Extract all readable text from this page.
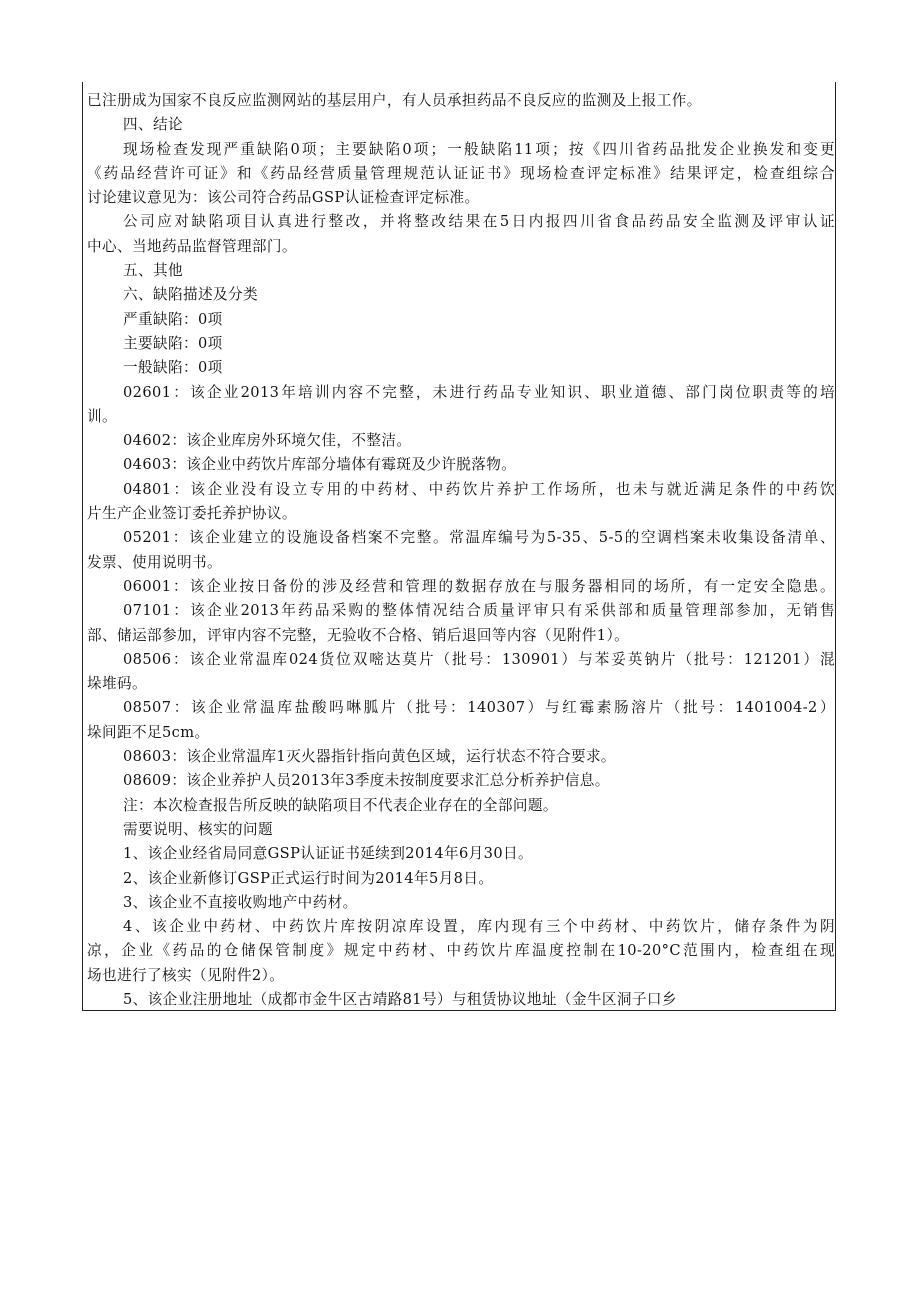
已注册成为国家不良反应监测网站的基层用户，有人员承担药品不良反应的监测及上报工作。

四、结论

现场检查发现严重缺陷0项；主要缺陷0项；一般缺陷11项；按《四川省药品批发企业换发和变更

《药品经营许可证》和《药品经营质量管理规范认证证书》现场检查评定标准》结果评定，检查组综合

讨论建议意见为：该公司符合药品GSP认证检查评定标准。

公司应对缺陷项目认真进行整改，并将整改结果在5日内报四川省食品药品安全监测及评审认证

中心、当地药品监督管理部门。

五、其他

六、缺陷描述及分类

严重缺陷：0项

主要缺陷：0项

一般缺陷：0项

02601：该企业2013年培训内容不完整，未进行药品专业知识、职业道德、部门岗位职责等的培

训。

04602：该企业库房外环境欠佳，不整洁。

04603：该企业中药饮片库部分墙体有霉斑及少许脱落物。

04801：该企业没有设立专用的中药材、中药饮片养护工作场所，也未与就近满足条件的中药饮

片生产企业签订委托养护协议。

05201：该企业建立的设施设备档案不完整。常温库编号为5-35、5-5的空调档案未收集设备清单、

发票、使用说明书。

06001：该企业按日备份的涉及经营和管理的数据存放在与服务器相同的场所，有一定安全隐患。

07101：该企业2013年药品采购的整体情况结合质量评审只有采供部和质量管理部参加，无销售

部、储运部参加，评审内容不完整，无验收不合格、销后退回等内容（见附件1）。

08506：该企业常温库024货位双嘧达莫片（批号：130901）与苯妥英钠片（批号：121201）混

垛堆码。

08507：该企业常温库盐酸吗啉胍片（批号：140307）与红霉素肠溶片（批号：1401004-2）

垛间距不足5cm。

08603：该企业常温库1灭火器指针指向黄色区域，运行状态不符合要求。

08609：该企业养护人员2013年3季度未按制度要求汇总分析养护信息。

注：本次检查报告所反映的缺陷项目不代表企业存在的全部问题。

需要说明、核实的问题

1、该企业经省局同意GSP认证证书延续到2014年6月30日。

2、该企业新修订GSP正式运行时间为2014年5月8日。

3、该企业不直接收购地产中药材。

4、该企业中药材、中药饮片库按阴凉库设置，库内现有三个中药材、中药饮片，储存条件为阴

凉，企业《药品的仓储保管制度》规定中药材、中药饮片库温度控制在10-20°C范围内，检查组在现

场也进行了核实（见附件2）。

5、该企业注册地址（成都市金牛区古靖路81号）与租赁协议地址（金牛区洞子口乡
